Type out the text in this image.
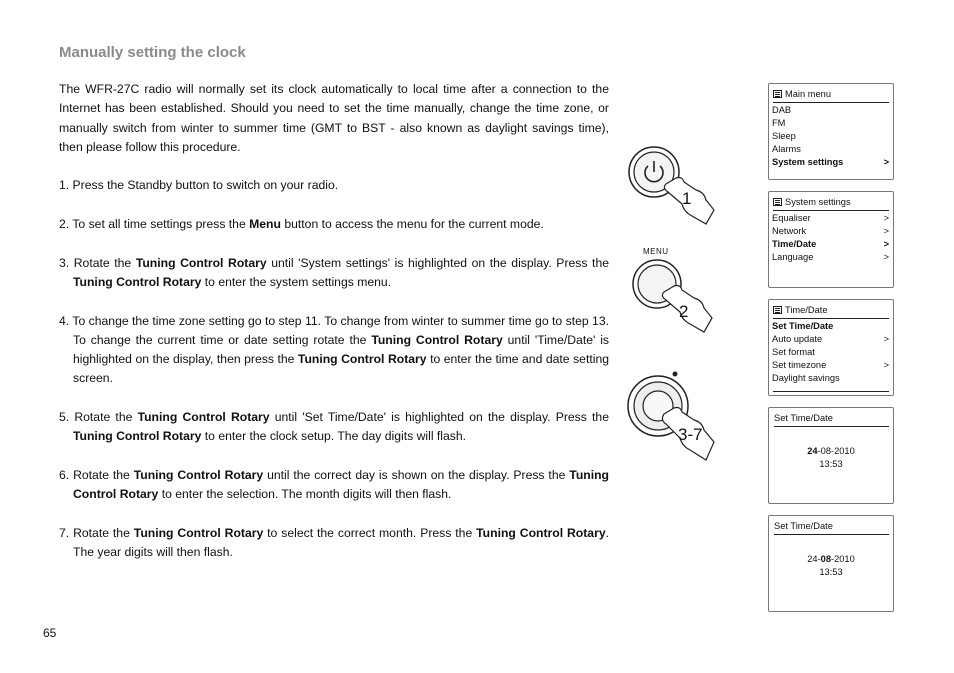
Manually setting the clock

The WFR-27C radio will normally set its clock automatically to local time after a connection to the Internet has been established. Should you need to set the time manually, change the time zone, or manually switch from winter to summer time (GMT to BST - also known as daylight savings time), then please follow this procedure.

1. Press the Standby button to switch on your radio.

2. To set all time settings press the Menu button to access the menu for the current mode.

3. Rotate the Tuning Control Rotary until 'System settings' is highlighted on the display. Press the Tuning Control Rotary to enter the system settings menu.

4. To change the time zone setting go to step 11. To change from winter to summer time go to step 13. To change the current time or date setting rotate the Tuning Control Rotary until 'Time/Date' is highlighted on the display, then press the Tuning Control Rotary to enter the time and date setting screen.

5. Rotate the Tuning Control Rotary until 'Set Time/Date' is highlighted on the display. Press the Tuning Control Rotary to enter the clock setup. The day digits will flash.

6. Rotate the Tuning Control Rotary until the correct day is shown on the display. Press the Tuning Control Rotary to enter the selection. The month digits will then flash.

7. Rotate the Tuning Control Rotary to select the correct month. Press the Tuning Control Rotary. The year digits will then flash.

65
1
MENU
2
3-7
Main menu
DAB
FM
Sleep
Alarms
System settings	>
System settings
Equaliser	>
Network	>
Time/Date	>
Language	>
Time/Date
Set Time/Date
Auto update	>
Set format
Set timezone	>
Daylight savings
Set Time/Date
24-08-2010
13:53
Set Time/Date
24-08-2010
13:53
